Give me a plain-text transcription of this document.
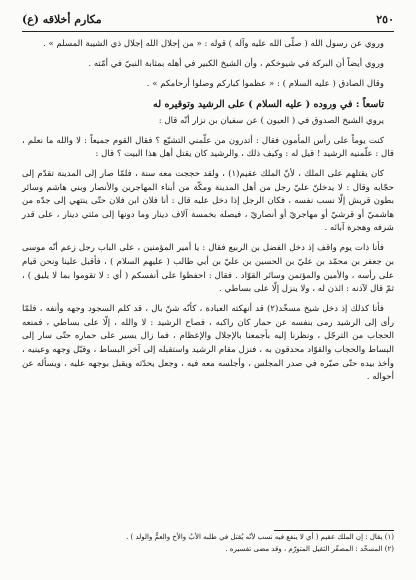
٢٥٠
مكارم أخلاقه (ع)

وروي عن رسول الله ( صلّى الله عليه وآله ) قوله : « من إجلال الله إجلال ذي الشيبة المسلم » .

وروي أيضاً أن البركة في شيوخكم ، وأن الشيخ الكبير في أهله بمثابة النبيّ في أمّته .

وقال الصادق ( عليه السلام ) : « عظموا كباركم وصلوا أرحامكم » .

تاسعاً : في وروده ( عليه السلام ) على الرشيد وتوقيره له

يروي الشيخ الصدوق في ( العيون ) عن سفيان بن نزار أنّه قال :

كنت يوماً على رأس المأمون فقال : أتدرون من علّمني التشيّع ؟ فقال القوم جميعاً : لا والله ما نعلم ، قال : علّمنيه الرشيد ! قيل له : وكيف ذلك ، والرشيد كان يقتل أهل هذا البيت ؟ قال :

كان يقتلهم على الملك ، لأنّ الملك عقيم(١) ، ولقد حججت معه سنة ، فلمّا صار إلى المدينة تقدّم إلى حجّابه وقال : لا يدخلنّ عليّ رجل من أهل المدينة ومكّة من أبناء المهاجرين والأنصار وبني هاشم وسائر بطون قريش إلّا نسب نفسه ، فكان الرجل إذا دخل عليه قال : أنا فلان ابن فلان حتّى ينتهي إلى جدّه من هاشميّ أو قرشيّ أو مهاجريّ أو أنصاريّ ، فيصله بخمسة آلاف دينار وما دونها إلى مئتي دينار ، على قدر شرفه وهجرة آبائه .

فأنا ذات يوم واقف إذ دخل الفضل بن الربيع فقال : يا أمير المؤمنين ، على الباب رجل زعم أنّه موسى بن جعفر بن محمّد بن عليّ بن الحسين بن عليّ بن أبي طالب ( عليهم السلام ) ، فأقبل علينا ونحن قيام على رأسه ، والأمين والمؤتمن وسائر القوّاد . فقال : احفظوا على أنفسكم ( أي : لا تقوموا بما لا يليق ) ، ثمّ قال لآذنه : ائذن له ، ولا ينزل إلّا على بساطي .

فأنا كذلك إذ دخل شيخ مسخّد(٢) قد أنهكته العبادة ، كأنّه شنّ بال ، قد كلم السجود وجهه وأنفه ، فلمّا رأى إلى الرشيد رمى بنفسه عن حمار كان راكبه ، فصاح الرشيد : لا والله ، إلّا على بساطي ، فمنعه الحجاب من الترجّل ، ونظرنا إليه بأجمعنا بالإجلال والإعظام ، فما زال يسير على حماره حتّى سار إلى البساط والحجاب والقوّاد محدقون به ، فنزل مقام الرشيد واستقبله إلى آخر البساط ، وقبّل وجهه وعينيه ، وأخذ بيده حتّى صيّره في صدر المجلس ، وأجلسه معه فيه ، وجعل يحدّثه ويقبل بوجهه عليه ، ويسأله عن أحواله .

(١) يقال : إن الملك عقيم ( أي لا ينفع فيه نسب لأنّه يُقتل في طلبه الأبُ والأخ والعمُّ والولد ) .
(٢) المسخّد : المصفّر الثقيل المتورّم ، وقد مضى تفسيره .
